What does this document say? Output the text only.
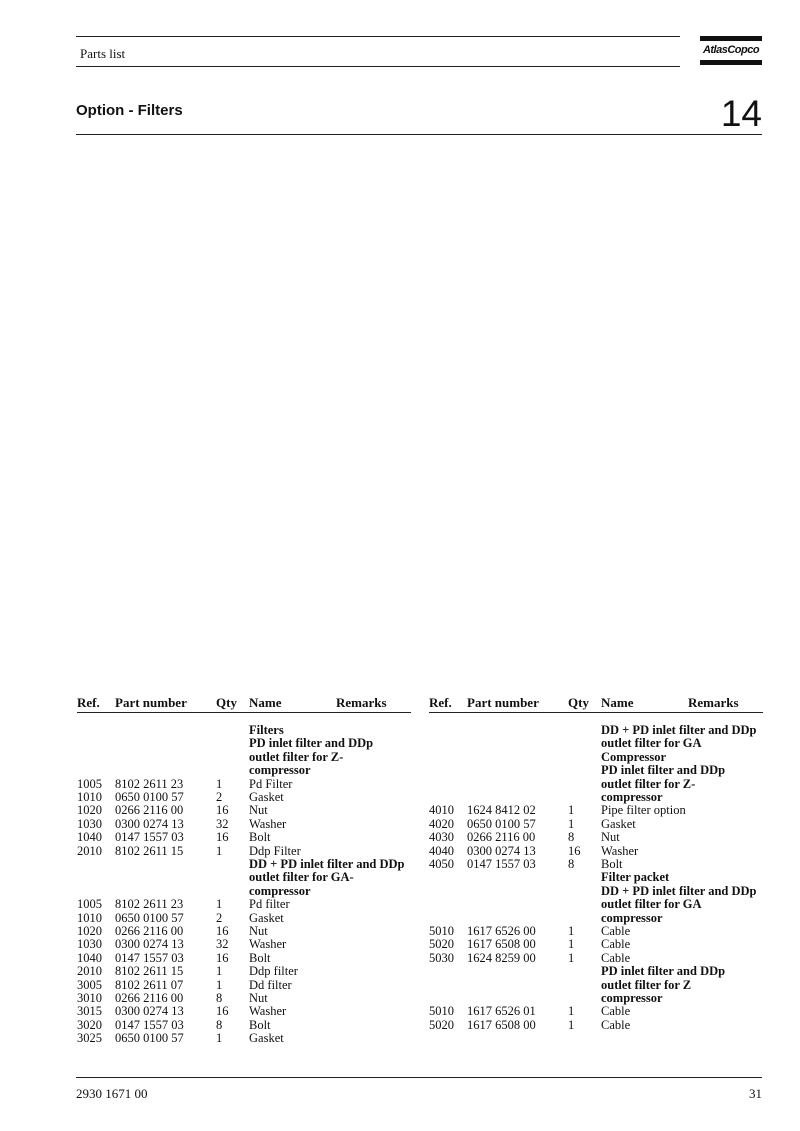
Parts list	AtlasCopco
Option - Filters	14
Ref. Part number Qty Name	Remarks
Filters
PD inlet filter and DDp
outlet filter for Z-
compressor
1005 8102 2611 23	1 Pd Filter
1010 0650 0100 57	2 Gasket
1020 0266 2116 00	16 Nut
1030 0300 0274 13	32 Washer
1040 0147 1557 03	16 Bolt
2010 8102 2611 15	1 Ddp Filter
DD + PD inlet filter and DDp
outlet filter for GA-
compressor
1005 8102 2611 23	1 Pd filter
1010 0650 0100 57	2 Gasket
1020 0266 2116 00	16 Nut
1030 0300 0274 13	32 Washer
1040 0147 1557 03	16 Bolt
2010 8102 2611 15	1 Ddp filter
3005 8102 2611 07	1 Dd filter
3010 0266 2116 00	8 Nut
3015 0300 0274 13	16 Washer
3020 0147 1557 03	8 Bolt
3025 0650 0100 57	1 Gasket
Ref. Part number Qty Name	Remarks
DD + PD inlet filter and DDp
outlet filter for GA
Compressor
PD inlet filter and DDp
outlet filter for Z-
compressor
4010 1624 8412 02	1 Pipe filter option
4020 0650 0100 57	1 Gasket
4030 0266 2116 00	8 Nut
4040 0300 0274 13	16 Washer
4050 0147 1557 03	8 Bolt
Filter packet
DD + PD inlet filter and DDp
outlet filter for GA
compressor
5010 1617 6526 00	1 Cable
5020 1617 6508 00	1 Cable
5030 1624 8259 00	1 Cable
PD inlet filter and DDp
outlet filter for Z
compressor
5010 1617 6526 01	1 Cable
5020 1617 6508 00	1 Cable
2930 1671 00	31
